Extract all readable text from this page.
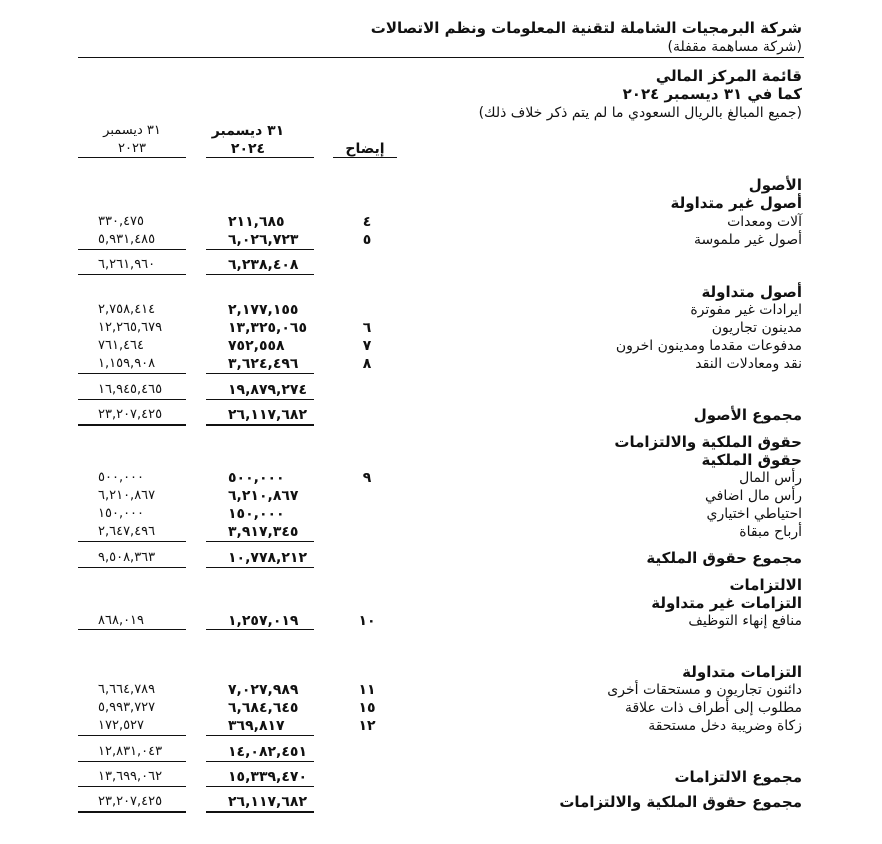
شركة البرمجيات الشاملة لتقنية المعلومات ونظم الاتصالات
(شركة مساهمة مقفلة)
قائمة المركز المالي
كما في ٣١ ديسمبر ٢٠٢٤
(جميع المبالغ بالريال السعودي ما لم يتم ذكر خلاف ذلك)
إيضاح
٣١ ديسمبر
٢٠٢٤
٣١ ديسمبر
٢٠٢٣
الأصول
أصول غير متداولة
آلات ومعدات
٤
٢١١,٦٨٥
٣٣٠,٤٧٥
أصول غير ملموسة
٥
٦,٠٢٦,٧٢٣
٥,٩٣١,٤٨٥
٦,٢٣٨,٤٠٨
٦,٢٦١,٩٦٠
أصول متداولة
ايرادات غير مفوترة
٢,١٧٧,١٥٥
٢,٧٥٨,٤١٤
مدينون تجاريون
٦
١٣,٣٢٥,٠٦٥
١٢,٢٦٥,٦٧٩
مدفوعات مقدما ومدينون اخرون
٧
٧٥٢,٥٥٨
٧٦١,٤٦٤
نقد ومعادلات النقد
٨
٣,٦٢٤,٤٩٦
١,١٥٩,٩٠٨
١٩,٨٧٩,٢٧٤
١٦,٩٤٥,٤٦٥
مجموع الأصول
٢٦,١١٧,٦٨٢
٢٣,٢٠٧,٤٢٥
حقوق الملكية والالتزامات
حقوق الملكية
رأس المال
٩
٥٠٠,٠٠٠
٥٠٠,٠٠٠
رأس مال اضافي
٦,٢١٠,٨٦٧
٦,٢١٠,٨٦٧
احتياطي اختياري
١٥٠,٠٠٠
١٥٠,٠٠٠
أرباح مبقاة
٣,٩١٧,٣٤٥
٢,٦٤٧,٤٩٦
مجموع حقوق الملكية
١٠,٧٧٨,٢١٢
٩,٥٠٨,٣٦٣
الالتزامات
التزامات غير متداولة
منافع إنهاء التوظيف
١٠
١,٢٥٧,٠١٩
٨٦٨,٠١٩
التزامات متداولة
دائنون تجاريون و مستحقات أخرى
١١
٧,٠٢٧,٩٨٩
٦,٦٦٤,٧٨٩
مطلوب إلى أطراف ذات علاقة
١٥
٦,٦٨٤,٦٤٥
٥,٩٩٣,٧٢٧
زكاة وضريبة دخل مستحقة
١٢
٣٦٩,٨١٧
١٧٢,٥٢٧
١٤,٠٨٢,٤٥١
١٢,٨٣١,٠٤٣
مجموع الالتزامات
١٥,٣٣٩,٤٧٠
١٣,٦٩٩,٠٦٢
مجموع حقوق الملكية والالتزامات
٢٦,١١٧,٦٨٢
٢٣,٢٠٧,٤٢٥
